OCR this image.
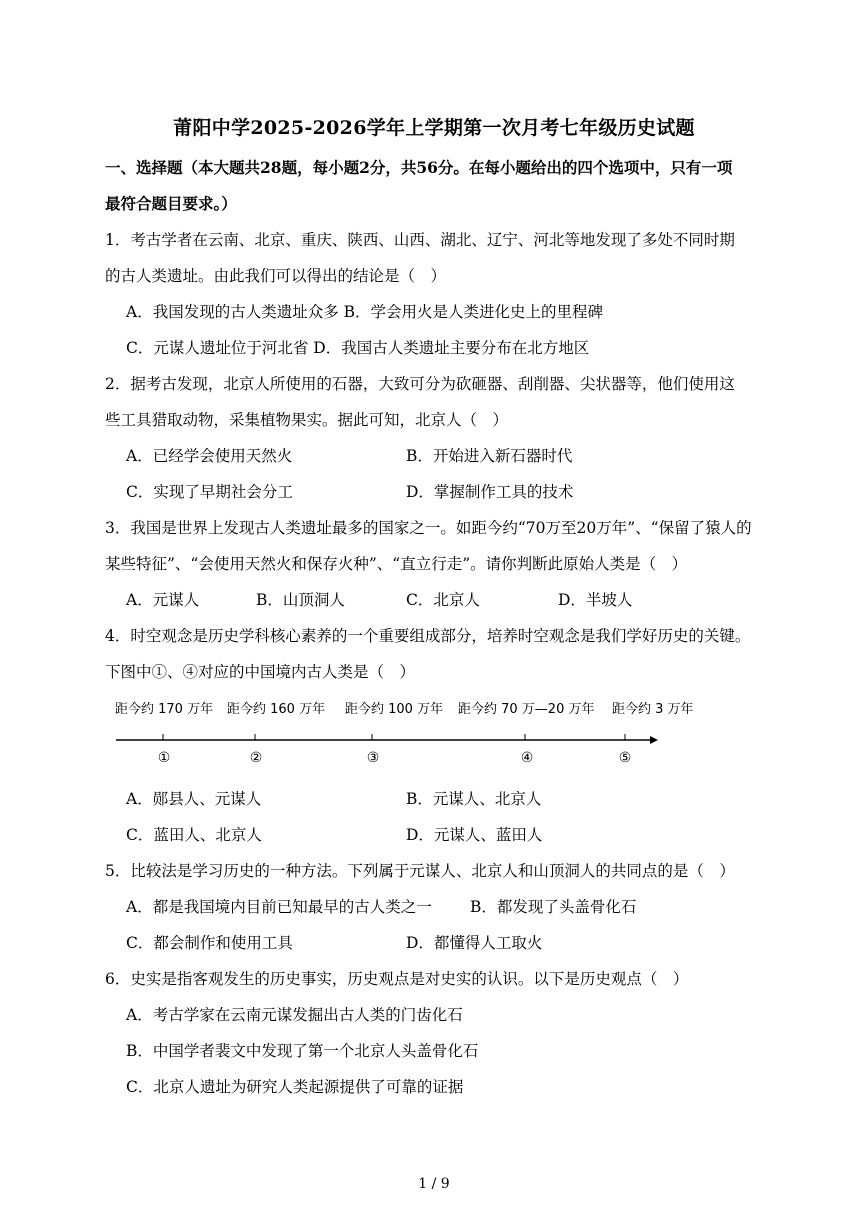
莆阳中学2025-2026学年上学期第一次月考七年级历史试题
一、选择题（本大题共28题，每小题2分，共56分。在每小题给出的四个选项中，只有一项
最符合题目要求。）
1．考古学者在云南、北京、重庆、陕西、山西、湖北、辽宁、河北等地发现了多处不同时期
的古人类遗址。由此我们可以得出的结论是（　）
A．我国发现的古人类遗址众多 B．学会用火是人类进化史上的里程碑
C．元谋人遗址位于河北省 D．我国古人类遗址主要分布在北方地区
2．据考古发现，北京人所使用的石器，大致可分为砍砸器、刮削器、尖状器等，他们使用这
些工具猎取动物，采集植物果实。据此可知，北京人（　）
A．已经学会使用天然火	B．开始进入新石器时代
C．实现了早期社会分工	D．掌握制作工具的技术
3．我国是世界上发现古人类遗址最多的国家之一。如距今约“70万至20万年”、“保留了猿人的
某些特征”、“会使用天然火和保存火种”、“直立行走”。请你判断此原始人类是（　）
A．元谋人	B．山顶洞人	C．北京人	D．半坡人
4．时空观念是历史学科核心素养的一个重要组成部分，培养时空观念是我们学好历史的关键。
下图中①、④对应的中国境内古人类是（　）
距今约 170 万年 距今约 160 万年 距今约 100 万年 距今约 70 万—20 万年 距今约 3 万年
①	②	③	④	⑤
A．郧县人、元谋人	B．元谋人、北京人
C．蓝田人、北京人	D．元谋人、蓝田人
5．比较法是学习历史的一种方法。下列属于元谋人、北京人和山顶洞人的共同点的是（　）
A．都是我国境内目前已知最早的古人类之一 B．都发现了头盖骨化石
C．都会制作和使用工具	D．都懂得人工取火
6．史实是指客观发生的历史事实，历史观点是对史实的认识。以下是历史观点（　）
A．考古学家在云南元谋发掘出古人类的门齿化石
B．中国学者裴文中发现了第一个北京人头盖骨化石
C．北京人遗址为研究人类起源提供了可靠的证据
1 / 9
